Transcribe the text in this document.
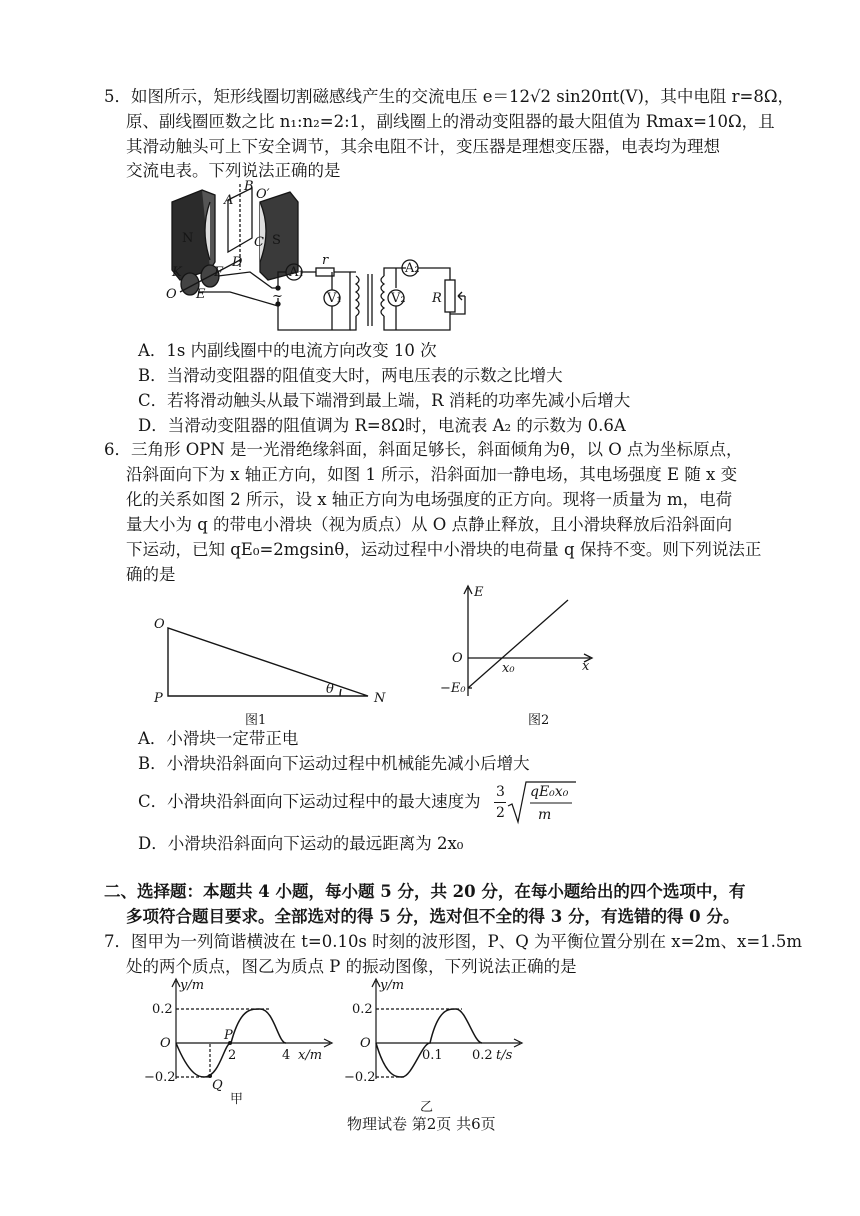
5．如图所示，矩形线圈切割磁感线产生的交流电压 e＝12√2 sin20πt(V)，其中电阻 r=8Ω，
原、副线圈匝数之比 n₁:n₂=2:1，副线圈上的滑动变阻器的最大阻值为 Rmax=10Ω，且
其滑动触头可上下安全调节，其余电阻不计，变压器是理想变压器，电表均为理想
交流电表。下列说法正确的是
N	S
A
B
C
D
E
F
K
O
O′
A₁
r
V₁
A₂
V₂ R
~
A．1s 内副线圈中的电流方向改变 10 次
B．当滑动变阻器的阻值变大时，两电压表的示数之比增大
C．若将滑动触头从最下端滑到最上端，R 消耗的功率先减小后增大
D．当滑动变阻器的阻值调为 R=8Ω时，电流表 A₂ 的示数为 0.6A
6．三角形 OPN 是一光滑绝缘斜面，斜面足够长，斜面倾角为θ，以 O 点为坐标原点，
沿斜面向下为 x 轴正方向，如图 1 所示，沿斜面加一静电场，其电场强度 E 随 x 变
化的关系如图 2 所示，设 x 轴正方向为电场强度的正方向。现将一质量为 m，电荷
量大小为 q 的带电小滑块（视为质点）从 O 点静止释放，且小滑块释放后沿斜面向
下运动，已知 qE₀=2mgsinθ，运动过程中小滑块的电荷量 q 保持不变。则下列说法正
确的是
O
P	N
θ
图1
E
O
x₀	x
−E₀
图2
A．小滑块一定带正电
B．小滑块沿斜面向下运动过程中机械能先减小后增大
C．小滑块沿斜面向下运动过程中的最大速度为 3
2
qE₀x₀
m
D．小滑块沿斜面向下运动的最远距离为 2x₀
二、选择题：本题共 4 小题，每小题 5 分，共 20 分，在每小题给出的四个选项中，有
多项符合题目要求。全部选对的得 5 分，选对但不全的得 3 分，有选错的得 0 分。
7．图甲为一列简谐横波在 t=0.10s 时刻的波形图，P、Q 为平衡位置分别在 x=2m、x=1.5m
处的两个质点，图乙为质点 P 的振动图像，下列说法正确的是
y/m
0.2
−0.2
O
2	4 x/m
P
Q
甲
y/m
0.2
−0.2
O
0.1 0.2 t/s
乙
物理试卷 第2页 共6页
